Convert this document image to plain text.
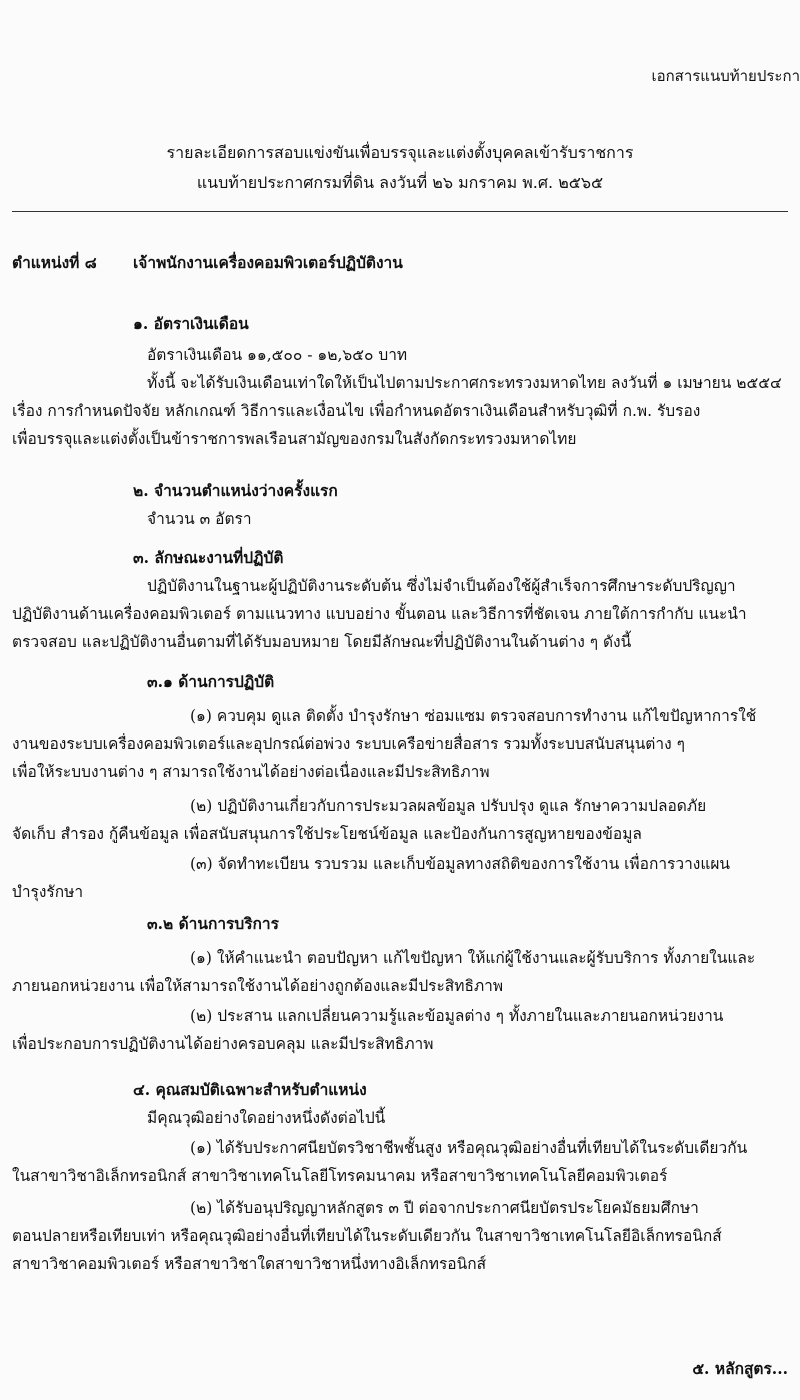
เอกสารแนบท้ายประกา
รายละเอียดการสอบแข่งขันเพื่อบรรจุและแต่งตั้งบุคคลเข้ารับราชการ
แนบท้ายประกาศกรมที่ดิน ลงวันที่ ๒๖ มกราคม พ.ศ. ๒๕๖๕
ตำแหน่งที่ ๘ เจ้าพนักงานเครื่องคอมพิวเตอร์ปฏิบัติงาน
๑. อัตราเงินเดือน
อัตราเงินเดือน ๑๑,๕๐๐ - ๑๒,๖๕๐ บาท
ทั้งนี้ จะได้รับเงินเดือนเท่าใดให้เป็นไปตามประกาศกระทรวงมหาดไทย ลงวันที่ ๑ เมษายน ๒๕๕๔
เรื่อง การกำหนดปัจจัย หลักเกณฑ์ วิธีการและเงื่อนไข เพื่อกำหนดอัตราเงินเดือนสำหรับวุฒิที่ ก.พ. รับรอง
เพื่อบรรจุและแต่งตั้งเป็นข้าราชการพลเรือนสามัญของกรมในสังกัดกระทรวงมหาดไทย
๒. จำนวนตำแหน่งว่างครั้งแรก
จำนวน ๓ อัตรา
๓. ลักษณะงานที่ปฏิบัติ
ปฏิบัติงานในฐานะผู้ปฏิบัติงานระดับต้น ซึ่งไม่จำเป็นต้องใช้ผู้สำเร็จการศึกษาระดับปริญญา
ปฏิบัติงานด้านเครื่องคอมพิวเตอร์ ตามแนวทาง แบบอย่าง ขั้นตอน และวิธีการที่ชัดเจน ภายใต้การกำกับ แนะนำ
ตรวจสอบ และปฏิบัติงานอื่นตามที่ได้รับมอบหมาย โดยมีลักษณะที่ปฏิบัติงานในด้านต่าง ๆ ดังนี้
๓.๑ ด้านการปฏิบัติ
(๑) ควบคุม ดูแล ติดตั้ง บำรุงรักษา ซ่อมแซม ตรวจสอบการทำงาน แก้ไขปัญหาการใช้
งานของระบบเครื่องคอมพิวเตอร์และอุปกรณ์ต่อพ่วง ระบบเครือข่ายสื่อสาร รวมทั้งระบบสนับสนุนต่าง ๆ
เพื่อให้ระบบงานต่าง ๆ สามารถใช้งานได้อย่างต่อเนื่องและมีประสิทธิภาพ
(๒) ปฏิบัติงานเกี่ยวกับการประมวลผลข้อมูล ปรับปรุง ดูแล รักษาความปลอดภัย
จัดเก็บ สำรอง กู้คืนข้อมูล เพื่อสนับสนุนการใช้ประโยชน์ข้อมูล และป้องกันการสูญหายของข้อมูล
(๓) จัดทำทะเบียน รวบรวม และเก็บข้อมูลทางสถิติของการใช้งาน เพื่อการวางแผน
บำรุงรักษา
๓.๒ ด้านการบริการ
(๑) ให้คำแนะนำ ตอบปัญหา แก้ไขปัญหา ให้แก่ผู้ใช้งานและผู้รับบริการ ทั้งภายในและ
ภายนอกหน่วยงาน เพื่อให้สามารถใช้งานได้อย่างถูกต้องและมีประสิทธิภาพ
(๒) ประสาน แลกเปลี่ยนความรู้และข้อมูลต่าง ๆ ทั้งภายในและภายนอกหน่วยงาน
เพื่อประกอบการปฏิบัติงานได้อย่างครอบคลุม และมีประสิทธิภาพ
๔. คุณสมบัติเฉพาะสำหรับตำแหน่ง
มีคุณวุฒิอย่างใดอย่างหนึ่งดังต่อไปนี้
(๑) ได้รับประกาศนียบัตรวิชาชีพชั้นสูง หรือคุณวุฒิอย่างอื่นที่เทียบได้ในระดับเดียวกัน
ในสาขาวิชาอิเล็กทรอนิกส์ สาขาวิชาเทคโนโลยีโทรคมนาคม หรือสาขาวิชาเทคโนโลยีคอมพิวเตอร์
(๒) ได้รับอนุปริญญาหลักสูตร ๓ ปี ต่อจากประกาศนียบัตรประโยคมัธยมศึกษา
ตอนปลายหรือเทียบเท่า หรือคุณวุฒิอย่างอื่นที่เทียบได้ในระดับเดียวกัน ในสาขาวิชาเทคโนโลยีอิเล็กทรอนิกส์
สาขาวิชาคอมพิวเตอร์ หรือสาขาวิชาใดสาขาวิชาหนึ่งทางอิเล็กทรอนิกส์
๕. หลักสูตร...
